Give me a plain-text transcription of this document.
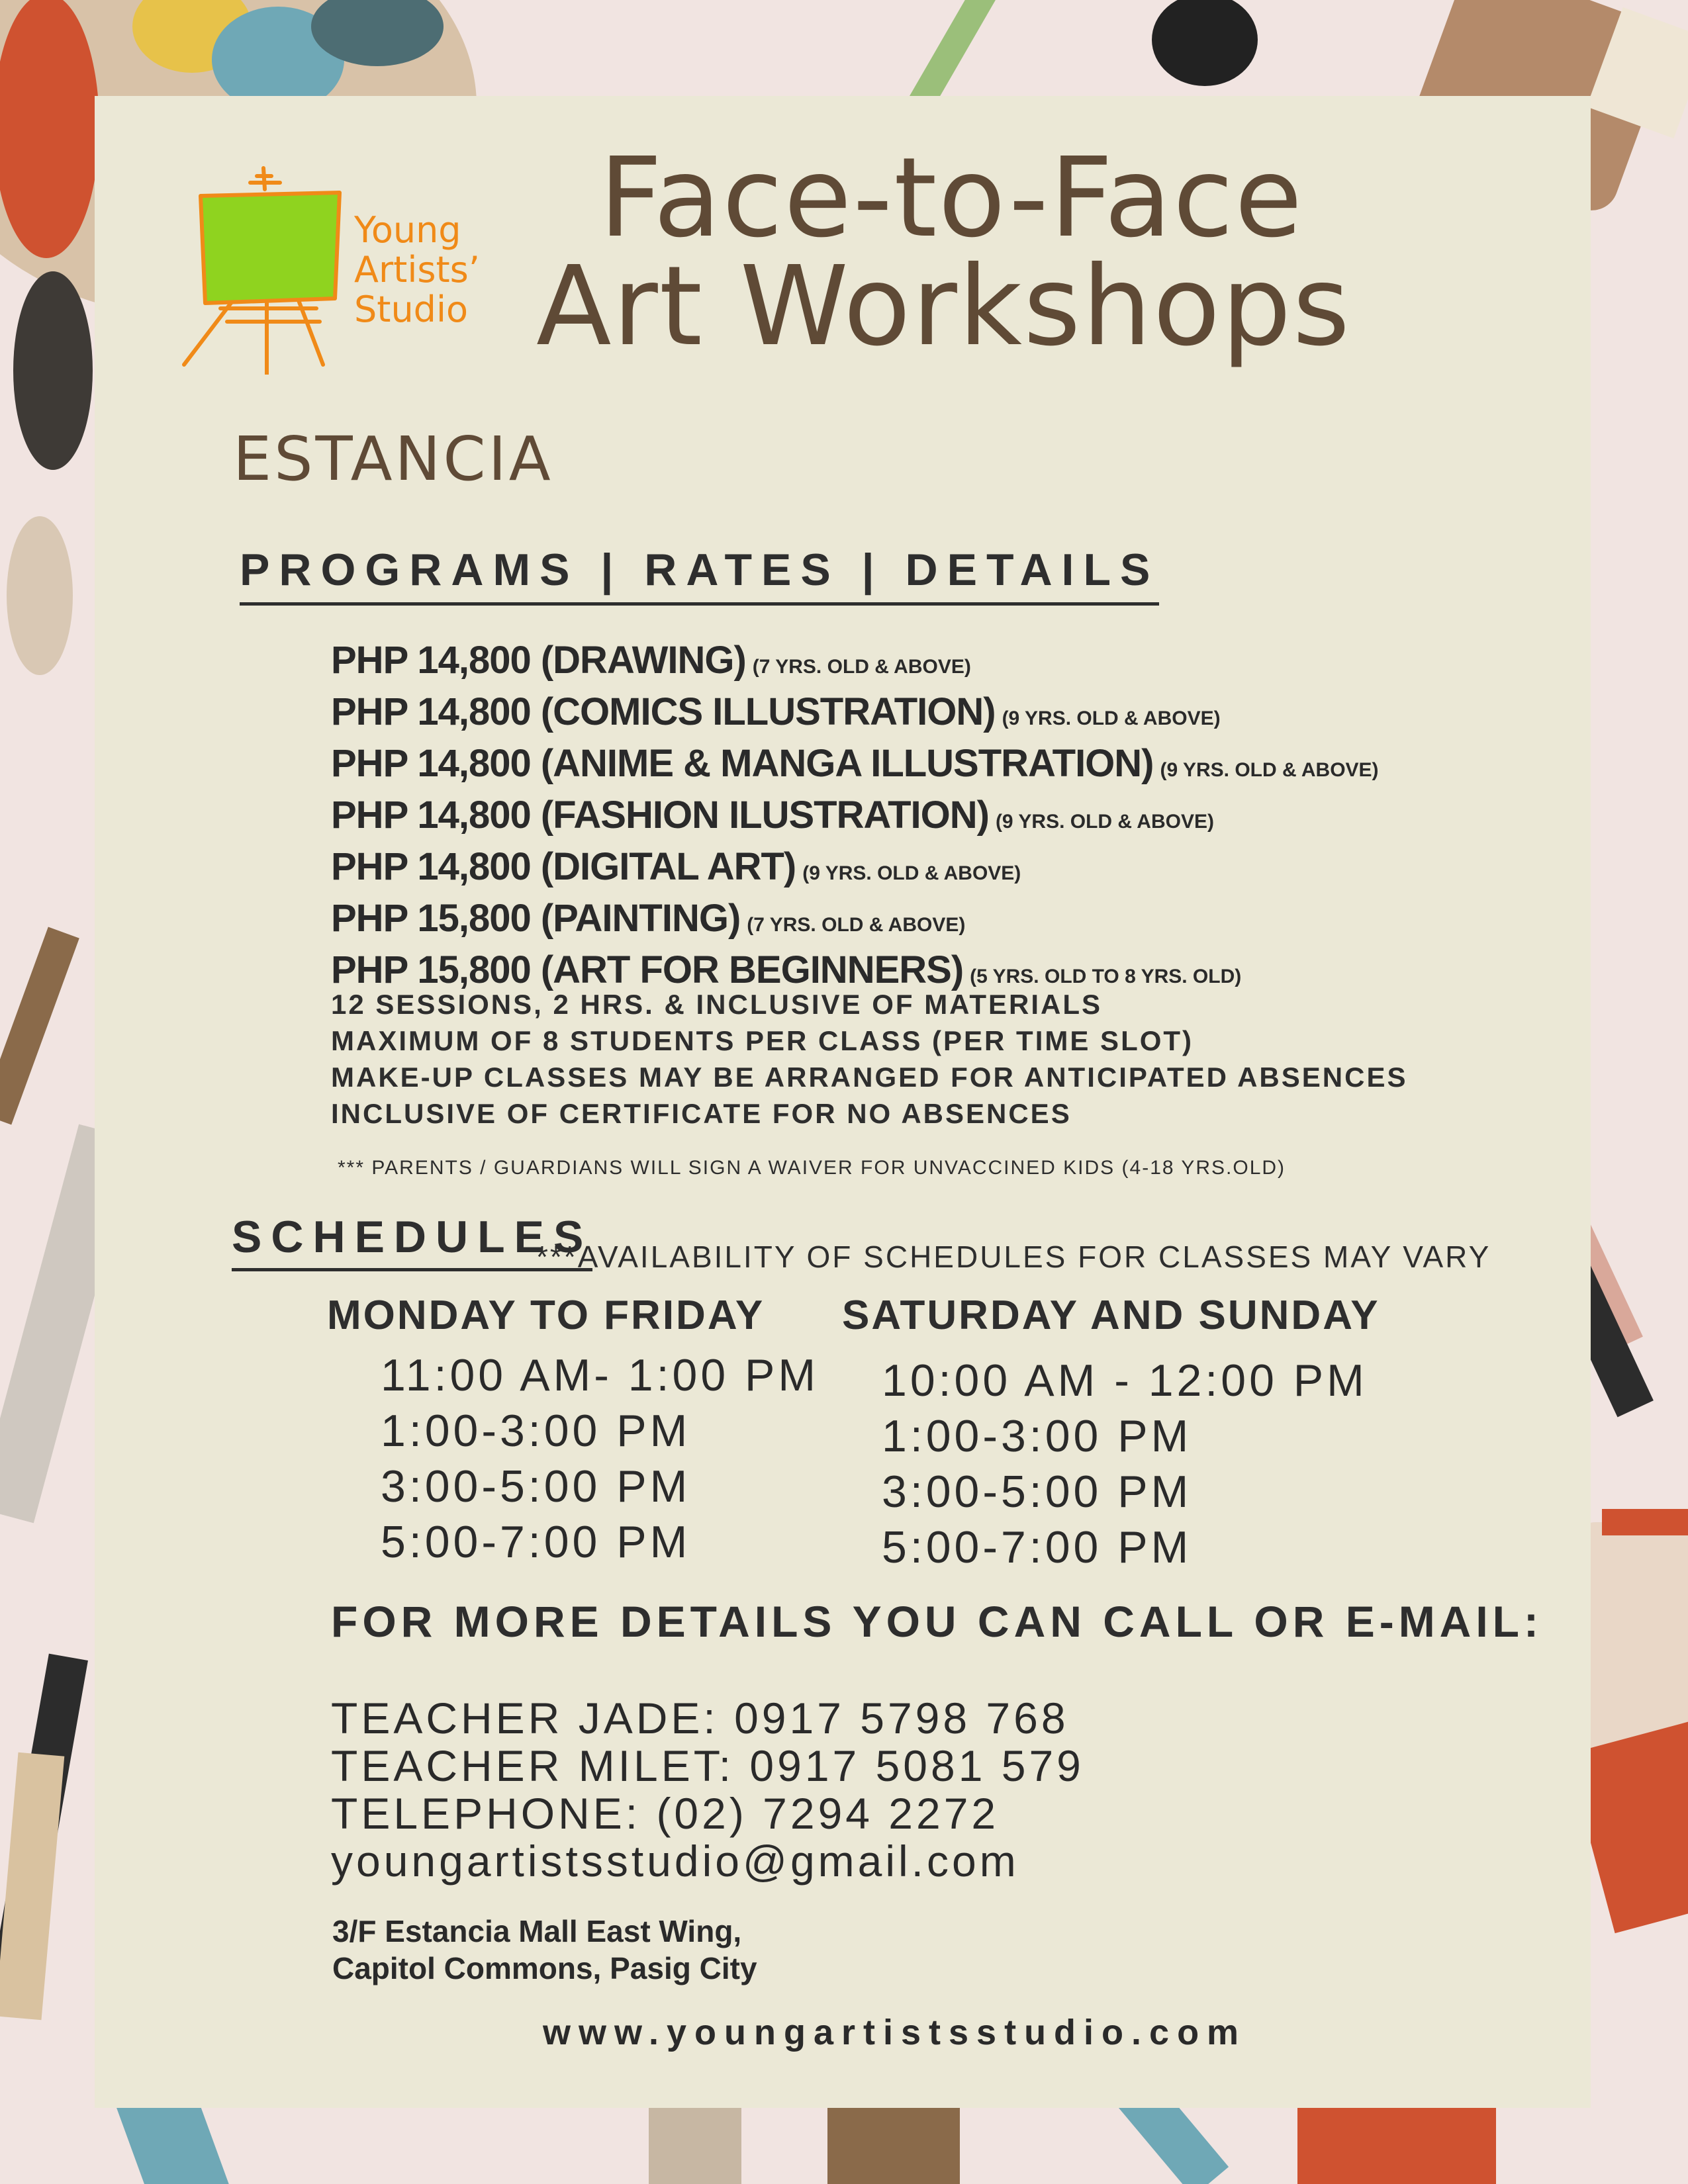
Young
Artists’
Studio
Face-to-Face
Art Workshops
ESTANCIA
PROGRAMS | RATES | DETAILS
PHP 14,800 (DRAWING) (7 YRS. OLD & ABOVE)
PHP 14,800 (COMICS ILLUSTRATION) (9 YRS. OLD & ABOVE)
PHP 14,800 (ANIME & MANGA ILLUSTRATION) (9 YRS. OLD & ABOVE)
PHP 14,800 (FASHION ILUSTRATION) (9 YRS. OLD & ABOVE)
PHP 14,800 (DIGITAL ART) (9 YRS. OLD & ABOVE)
PHP 15,800 (PAINTING) (7 YRS. OLD & ABOVE)
PHP 15,800 (ART FOR BEGINNERS) (5 YRS. OLD TO 8 YRS. OLD)
12 SESSIONS, 2 HRS. & INCLUSIVE OF MATERIALS
MAXIMUM OF 8 STUDENTS PER CLASS (PER TIME SLOT)
MAKE-UP CLASSES MAY BE ARRANGED FOR ANTICIPATED ABSENCES
INCLUSIVE OF CERTIFICATE FOR NO ABSENCES
*** PARENTS / GUARDIANS WILL SIGN A WAIVER FOR UNVACCINED KIDS (4-18 YRS.OLD)
SCHEDULES
***AVAILABILITY OF SCHEDULES FOR CLASSES MAY VARY
MONDAY TO FRIDAY SATURDAY AND SUNDAY
11:00 AM- 1:00 PM
1:00-3:00 PM
3:00-5:00 PM
5:00-7:00 PM
10:00 AM - 12:00 PM
1:00-3:00 PM
3:00-5:00 PM
5:00-7:00 PM
FOR MORE DETAILS YOU CAN CALL OR E-MAIL:
TEACHER JADE: 0917 5798 768
TEACHER MILET: 0917 5081 579
TELEPHONE: (02) 7294 2272
youngartistsstudio@gmail.com
3/F Estancia Mall East Wing,
Capitol Commons, Pasig City
www.youngartistsstudio.com
